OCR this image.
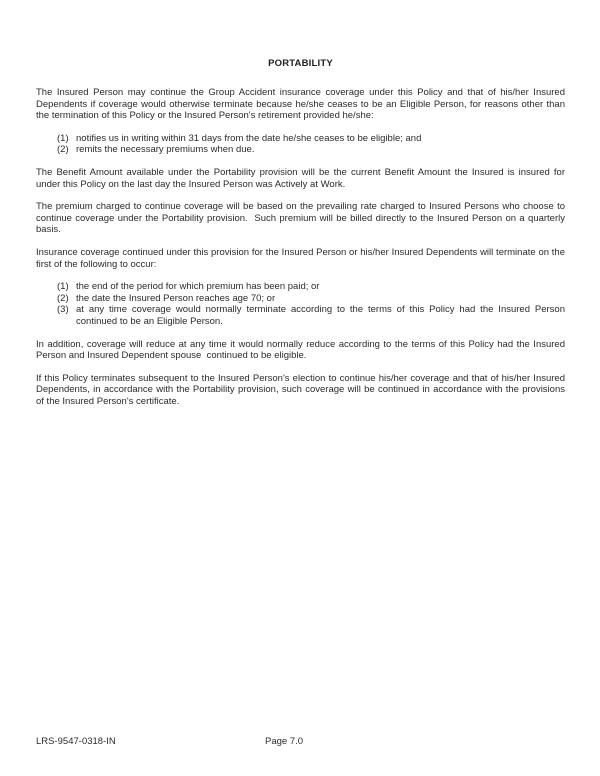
PORTABILITY

The Insured Person may continue the Group Accident insurance coverage under this Policy and that of his/her Insured Dependents if coverage would otherwise terminate because he/she ceases to be an Eligible Person, for reasons other than the termination of this Policy or the Insured Person's retirement provided he/she:

(1) notifies us in writing within 31 days from the date he/she ceases to be eligible; and
(2) remits the necessary premiums when due.

The Benefit Amount available under the Portability provision will be the current Benefit Amount the Insured is insured for under this Policy on the last day the Insured Person was Actively at Work.

The premium charged to continue coverage will be based on the prevailing rate charged to Insured Persons who choose to continue coverage under the Portability provision.  Such premium will be billed directly to the Insured Person on a quarterly basis.

Insurance coverage continued under this provision for the Insured Person or his/her Insured Dependents will terminate on the first of the following to occur:

(1) the end of the period for which premium has been paid; or
(2) the date the Insured Person reaches age 70; or
(3) at any time coverage would normally terminate according to the terms of this Policy had the Insured Person continued to be an Eligible Person.

In addition, coverage will reduce at any time it would normally reduce according to the terms of this Policy had the Insured Person and Insured Dependent spouse  continued to be eligible.

If this Policy terminates subsequent to the Insured Person's election to continue his/her coverage and that of his/her Insured Dependents, in accordance with the Portability provision, such coverage will be continued in accordance with the provisions of the Insured Person's certificate.

LRS-9547-0318-IN	Page 7.0
